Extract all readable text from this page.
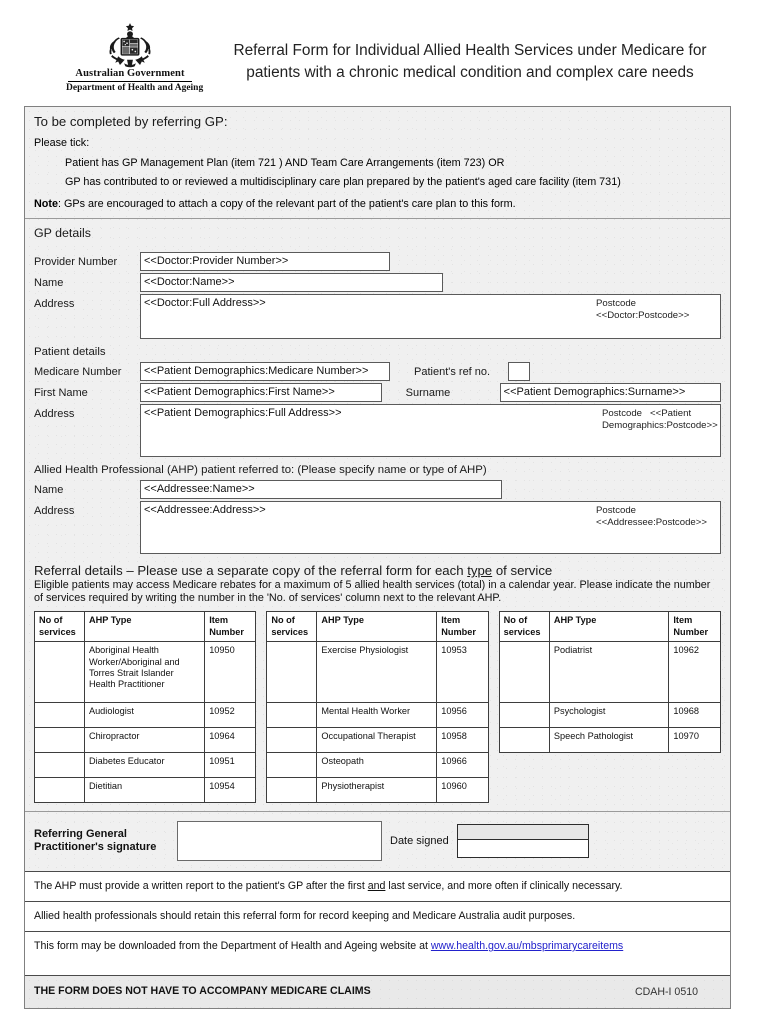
Australian Government
Department of Health and Ageing
Referral Form for Individual Allied Health Services under Medicare for patients with a chronic medical condition and complex care needs
To be completed by referring GP:
Please tick:
Patient has GP Management Plan (item 721 ) AND Team Care Arrangements (item 723) OR
GP has contributed to or reviewed a multidisciplinary care plan prepared by the patient's aged care facility (item 731)
Note: GPs are encouraged to attach a copy of the relevant part of the patient's care plan to this form.
GP details
Provider Number	<<Doctor:Provider Number>>
Name	<<Doctor:Name>>
Address	<<Doctor:Full Address>>	Postcode
<<Doctor:Postcode>>
Patient details
Medicare Number	<<Patient Demographics:Medicare Number>>	Patient's ref no.
First Name	<<Patient Demographics:First Name>>	Surname	<<Patient Demographics:Surname>>
Address	<<Patient Demographics:Full Address>>	Postcode <<Patient Demographics:Postcode>>
Allied Health Professional (AHP) patient referred to: (Please specify name or type of AHP)
Name	<<Addressee:Name>>
Address	<<Addressee:Address>>	Postcode
<<Addressee:Postcode>>
Referral details – Please use a separate copy of the referral form for each type of service
Eligible patients may access Medicare rebates for a maximum of 5 allied health services (total) in a calendar year. Please indicate the number of services required by writing the number in the 'No. of services' column next to the relevant AHP.
No of services	AHP Type	Item Number
	Aboriginal Health Worker/Aboriginal and Torres Strait Islander Health Practitioner	10950
	Audiologist	10952
	Chiropractor	10964
	Diabetes Educator	10951
	Dietitian	10954
No of services	AHP Type	Item Number
	Exercise Physiologist	10953
	Mental Health Worker	10956
	Occupational Therapist	10958
	Osteopath	10966
	Physiotherapist	10960
No of services	AHP Type	Item Number
	Podiatrist	10962
	Psychologist	10968
	Speech Pathologist	10970
Referring General Practitioner's signature	Date signed
The AHP must provide a written report to the patient's GP after the first and last service, and more often if clinically necessary.
Allied health professionals should retain this referral form for record keeping and Medicare Australia audit purposes.
This form may be downloaded from the Department of Health and Ageing website at www.health.gov.au/mbsprimarycareitems
THE FORM DOES NOT HAVE TO ACCOMPANY MEDICARE CLAIMS	CDAH-I 0510
